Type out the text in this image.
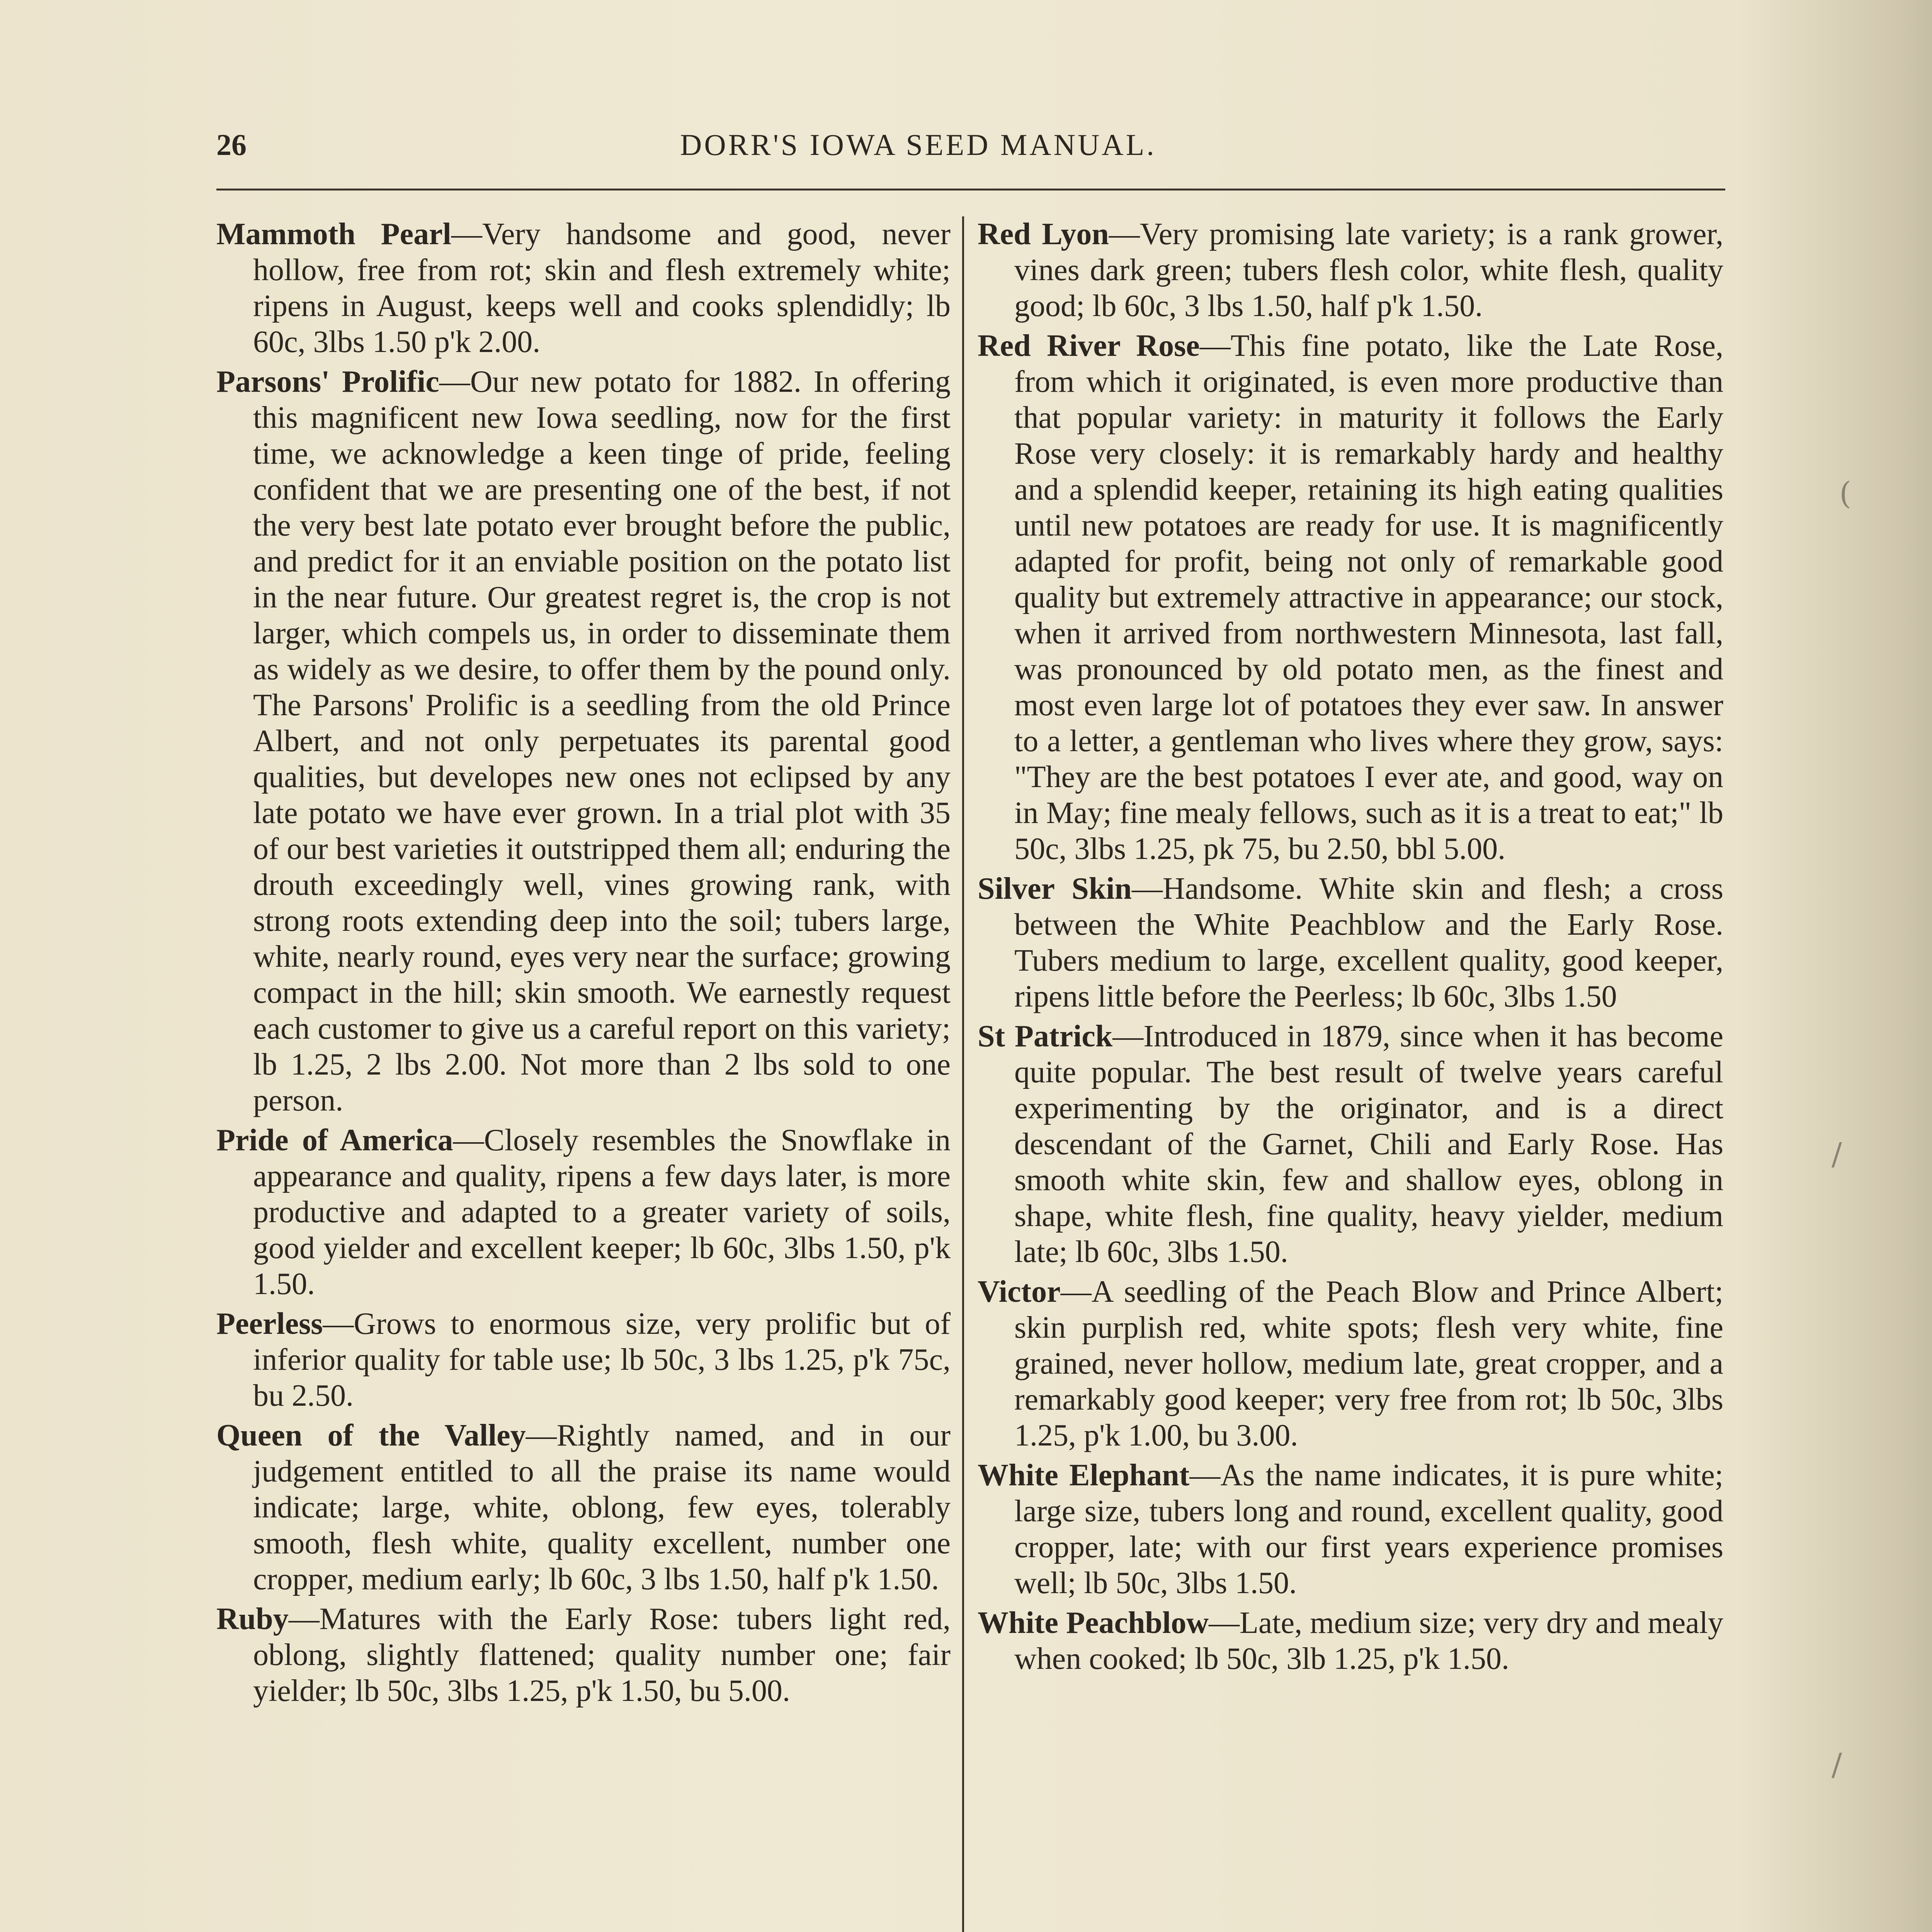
26	DORR'S IOWA SEED MANUAL.

Mammoth Pearl—Very handsome and good, never hollow, free from rot; skin and flesh extremely white; ripens in August, keeps well and cooks splendidly; lb 60c, 3lbs 1.50 p'k 2.00.

Parsons' Prolific—Our new potato for 1882. In offering this magnificent new Iowa seedling, now for the first time, we acknowledge a keen tinge of pride, feeling confident that we are presenting one of the best, if not the very best late potato ever brought before the public, and predict for it an enviable position on the potato list in the near future. Our greatest regret is, the crop is not larger, which compels us, in order to disseminate them as widely as we desire, to offer them by the pound only. The Parsons' Prolific is a seedling from the old Prince Albert, and not only perpetuates its parental good qualities, but developes new ones not eclipsed by any late potato we have ever grown. In a trial plot with 35 of our best varieties it outstripped them all; enduring the drouth exceedingly well, vines growing rank, with strong roots extending deep into the soil; tubers large, white, nearly round, eyes very near the surface; growing compact in the hill; skin smooth. We earnestly request each customer to give us a careful report on this variety; lb 1.25, 2 lbs 2.00. Not more than 2 lbs sold to one person.

Pride of America—Closely resembles the Snowflake in appearance and quality, ripens a few days later, is more productive and adapted to a greater variety of soils, good yielder and excellent keeper; lb 60c, 3lbs 1.50, p'k 1.50.

Peerless—Grows to enormous size, very prolific but of inferior quality for table use; lb 50c, 3 lbs 1.25, p'k 75c, bu 2.50.

Queen of the Valley—Rightly named, and in our judgement entitled to all the praise its name would indicate; large, white, oblong, few eyes, tolerably smooth, flesh white, quality excellent, number one cropper, medium early; lb 60c, 3 lbs 1.50, half p'k 1.50.

Ruby—Matures with the Early Rose: tubers light red, oblong, slightly flattened; quality number one; fair yielder; lb 50c, 3lbs 1.25, p'k 1.50, bu 5.00.

Red Lyon—Very promising late variety; is a rank grower, vines dark green; tubers flesh color, white flesh, quality good; lb 60c, 3 lbs 1.50, half p'k 1.50.

Red River Rose—This fine potato, like the Late Rose, from which it originated, is even more productive than that popular variety: in maturity it follows the Early Rose very closely: it is remarkably hardy and healthy and a splendid keeper, retaining its high eating qualities until new potatoes are ready for use. It is magnificently adapted for profit, being not only of remarkable good quality but extremely attractive in appearance; our stock, when it arrived from northwestern Minnesota, last fall, was pronounced by old potato men, as the finest and most even large lot of potatoes they ever saw. In answer to a letter, a gentleman who lives where they grow, says: "They are the best potatoes I ever ate, and good, way on in May; fine mealy fellows, such as it is a treat to eat;" lb 50c, 3lbs 1.25, pk 75, bu 2.50, bbl 5.00.

Silver Skin—Handsome. White skin and flesh; a cross between the White Peachblow and the Early Rose. Tubers medium to large, excellent quality, good keeper, ripens little before the Peerless; lb 60c, 3lbs 1.50

St Patrick—Introduced in 1879, since when it has become quite popular. The best result of twelve years careful experimenting by the originator, and is a direct descendant of the Garnet, Chili and Early Rose. Has smooth white skin, few and shallow eyes, oblong in shape, white flesh, fine quality, heavy yielder, medium late; lb 60c, 3lbs 1.50.

Victor—A seedling of the Peach Blow and Prince Albert; skin purplish red, white spots; flesh very white, fine grained, never hollow, medium late, great cropper, and a remarkably good keeper; very free from rot; lb 50c, 3lbs 1.25, p'k 1.00, bu 3.00.

White Elephant—As the name indicates, it is pure white; large size, tubers long and round, excellent quality, good cropper, late; with our first years experience promises well; lb 50c, 3lbs 1.50.

White Peachblow—Late, medium size; very dry and mealy when cooked; lb 50c, 3lb 1.25, p'k 1.50.

(
/
/
